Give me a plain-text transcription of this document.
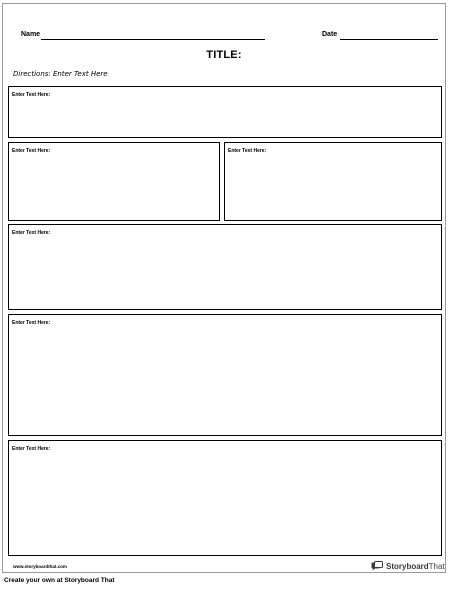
Name	Date
TITLE:
Directions: Enter Text Here
Enter Text Here:
Enter Text Here:	Enter Text Here:
Enter Text Here:
Enter Text Here:
Enter Text Here:
www.storyboardthat.com	StoryboardThat
Create your own at Storyboard That
